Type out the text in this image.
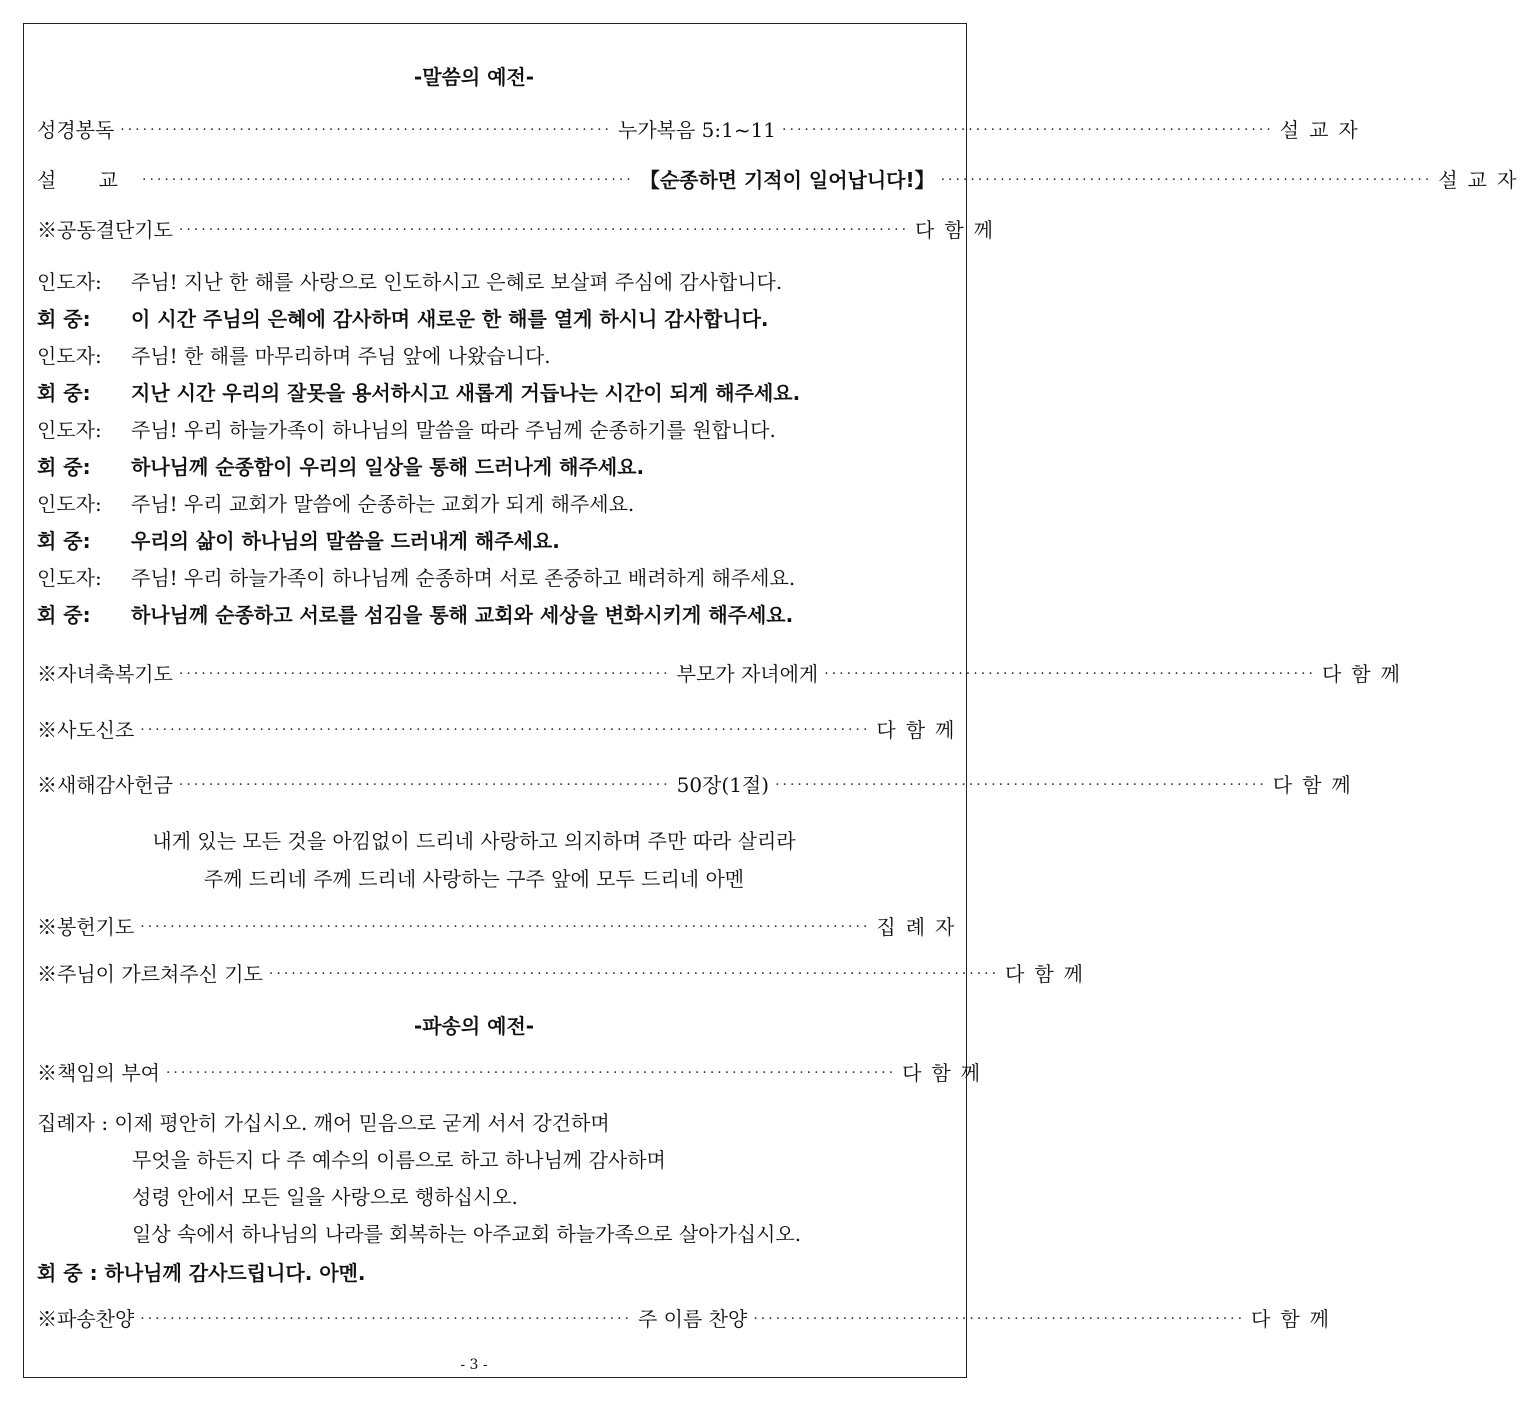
-말씀의 예전-
성경봉독 ·································································· 누가복음 5:1~11 ·································································· 설교자
설 교 ·································································· 【순종하면 기적이 일어납니다!】 ·································································· 설교자
※공동결단기도 ·································································································· 다함께
인도자:	주님! 지난 한 해를 사랑으로 인도하시고 은혜로 보살펴 주심에 감사합니다.
회 중:	이 시간 주님의 은혜에 감사하며 새로운 한 해를 열게 하시니 감사합니다.
인도자:	주님! 한 해를 마무리하며 주님 앞에 나왔습니다.
회 중:	지난 시간 우리의 잘못을 용서하시고 새롭게 거듭나는 시간이 되게 해주세요.
인도자:	주님! 우리 하늘가족이 하나님의 말씀을 따라 주님께 순종하기를 원합니다.
회 중:	하나님께 순종함이 우리의 일상을 통해 드러나게 해주세요.
인도자:	주님! 우리 교회가 말씀에 순종하는 교회가 되게 해주세요.
회 중:	우리의 삶이 하나님의 말씀을 드러내게 해주세요.
인도자:	주님! 우리 하늘가족이 하나님께 순종하며 서로 존중하고 배려하게 해주세요.
회 중:	하나님께 순종하고 서로를 섬김을 통해 교회와 세상을 변화시키게 해주세요.
※자녀축복기도 ·································································· 부모가 자녀에게 ·································································· 다함께
※사도신조 ·································································································· 다함께
※새해감사헌금 ·································································· 50장(1절) ·································································· 다함께
내게 있는 모든 것을 아낌없이 드리네 사랑하고 의지하며 주만 따라 살리라
주께 드리네 주께 드리네 사랑하는 구주 앞에 모두 드리네 아멘
※봉헌기도 ·································································································· 집례자
※주님이 가르쳐주신 기도 ·································································································· 다함께
-파송의 예전-
※책임의 부여 ·································································································· 다함께
집례자 : 이제 평안히 가십시오. 깨어 믿음으로 굳게 서서 강건하며
무엇을 하든지 다 주 예수의 이름으로 하고 하나님께 감사하며
성령 안에서 모든 일을 사랑으로 행하십시오.
일상 속에서 하나님의 나라를 회복하는 아주교회 하늘가족으로 살아가십시오.
회 중 : 하나님께 감사드립니다. 아멘.
※파송찬양 ·································································· 주 이름 찬양 ·································································· 다함께
- 3 -
